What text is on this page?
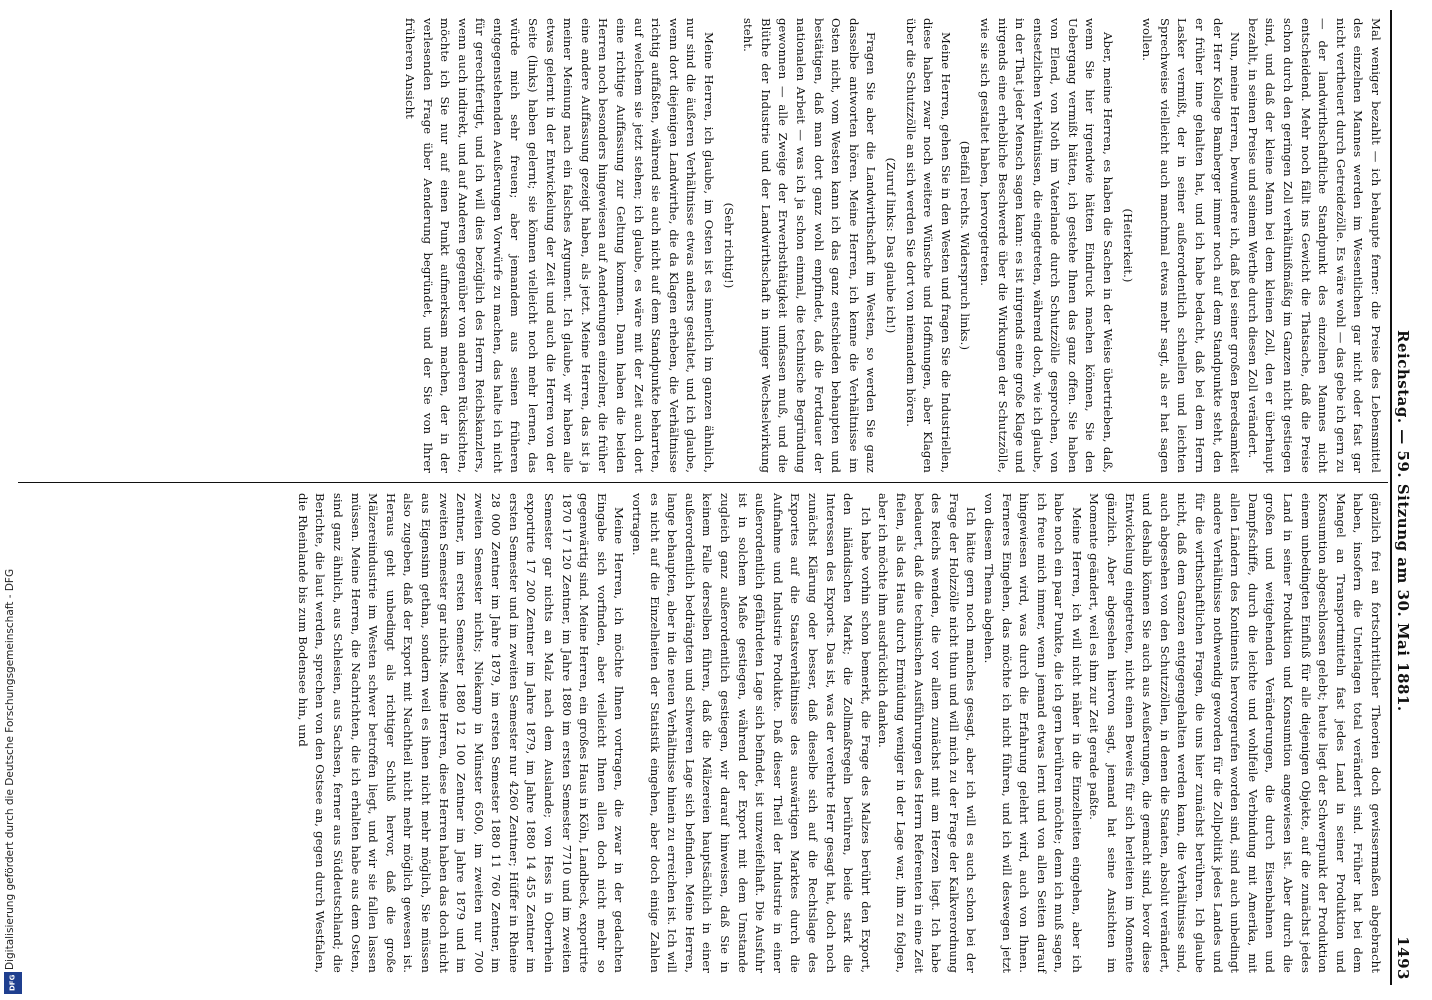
Reichstag. — 59. Sitzung am 30. Mai 1881.
1493

Mal weniger bezahlt — ich behaupte ferner: die Preise des Lebensmittel des einzelnen Mannes werden im Wesentlichen gar nicht oder fast gar nicht vertheuert durch Getreidezölle. Es wäre wohl — das gebe ich gern zu — der landwirthschaftliche Standpunkt des einzelnen Mannes nicht entscheidend. Mehr noch fällt ins Gewicht die Thatsache, daß die Preise schon durch den geringen Zoll verhältnißmäßig im Ganzen nicht gestiegen sind, und daß der kleine Mann bei dem kleinen Zoll, den er überhaupt bezahlt, in seinen Preise und seinem Werthe durch diesen Zoll verändert.

Nun, meine Herren, bewundere ich, daß bei seiner großen Beredsamkeit der Herr Kollege Bamberger immer noch auf dem Standpunkte steht, den er früher inne gehalten hat, und ich habe bedacht, daß bei dem Herrn Lasker vermißt, der in seiner außerordentlich schnellen und leichten Sprechweise vielleicht auch manchmal etwas mehr sagt, als er hat sagen wollen.

(Heiterkeit.)

Aber, meine Herren, es haben die Sachen in der Weise übertrieben, daß, wenn Sie hier irgendwie hätten Eindruck machen können, Sie den Uebergang vermißt hätten, ich gestehe Ihnen das ganz offen. Sie haben von Elend, von Noth im Vaterlande durch Schutzzölle gesprochen, von entsetzlichen Verhältnissen, die eingetreten, während doch, wie ich glaube, in der That jeder Mensch sagen kann: es ist nirgends eine große Klage und nirgends eine erhebliche Beschwerde über die Wirkungen der Schutzzölle, wie sie sich gestaltet haben, hervorgetreten.

(Beifall rechts. Widerspruch links.)

Meine Herren, gehen Sie in den Westen und fragen Sie die Industriellen, diese haben zwar noch weitere Wünsche und Hoffnungen, aber Klagen über die Schutzzölle an sich werden Sie dort von niemandem hören.

(Zuruf links: Das glaube ich!)

Fragen Sie aber die Landwirthschaft im Westen, so werden Sie ganz dasselbe antworten hören. Meine Herren, ich kenne die Verhältnisse im Osten nicht, vom Westen kann ich das ganz entschieden behaupten und bestätigen, daß man dort ganz wohl empfindet, daß die Fortdauer der nationalen Arbeit — was ich ja schon einmal, die technische Begründung gewonnen — alle Zweige der Erwerbsthätigkeit umfassen muß, und die Blüthe der Industrie und der Landwirthschaft in inniger Wechselwirkung steht.

(Sehr richtig!)

Meine Herren, ich glaube, im Osten ist es innerlich im ganzen ähnlich, nur sind die äußeren Verhältnisse etwas anders gestaltet, und ich glaube, wenn dort diejenigen Landwirthe, die da Klagen erheben, die Verhältnisse richtig auffaßten, während sie auch nicht auf dem Standpunkte beharrten, auf welchem sie jetzt stehen; ich glaube, es wäre mit der Zeit auch dort eine richtige Auffassung zur Geltung kommen. Dann haben die beiden Herren noch besonders hingewiesen auf Aenderungen einzelner, die früher eine andere Auffassung gezeigt haben, als jetzt. Meine Herren, das ist ja meiner Meinung nach ein falsches Argument. Ich glaube, wir haben alle etwas gelernt in der Entwickelung der Zeit und auch die Herren von der Seite (links) haben gelernt; sie können vielleicht noch mehr lernen, das würde mich sehr freuen; aber jemandem aus seinen früheren entgegenstehenden Aeußerungen Vorwürfe zu machen, das halte ich nicht für gerechtfertigt, und ich will dies bezüglich des Herrn Reichskanzlers, wenn auch indirekt, und auf Anderen gegenüber von anderen Rücksichten, möchte ich Sie nur auf einen Punkt aufmerksam machen, der in der verlesenden Frage über Aenderung begründet, und der Sie von Ihrer früheren Ansicht

gänzlich frei an fortschrittlicher Theorien doch gewissermaßen abgebracht haben, insofern die Unterlagen total verändert sind. Früher hat bei dem Mangel an Transportmitteln fast jedes Land in seiner Produktion und Konsumtion abgeschlossen gelebt; heute liegt der Schwerpunkt der Produktion einem unbedingten Einfluß für alle diejenigen Objekte, auf die zunächst jedes Land in seiner Produktion und Konsumtion angewiesen ist. Aber durch die großen und weitgehenden Veränderungen, die durch Eisenbahnen und Dampfschiffe, durch die leichte und wohlfeile Verbindung mit Amerika, mit allen Ländern des Kontinents hervorgerufen worden sind, sind auch unbedingt andere Verhältnisse nothwendig geworden für die Zollpolitik jedes Landes und für die wirthschaftlichen Fragen, die uns hier zunächst berühren. Ich glaube nicht, daß dem Ganzen entgegengehalten werden kann, die Verhältnisse sind, auch abgesehen von den Schutzzöllen, in denen die Staaten, absolut verändert, und deshalb können Sie auch aus Aeußerungen, die gemacht sind, bevor diese Entwickelung eingetreten, nicht einen Beweis für sich herleiten im Momente gänzlich. Aber abgesehen hiervon sagt, jemand hat seine Ansichten im Momente geändert, weil es ihm zur Zeit gerade paßte.

Meine Herren, ich will nicht näher in die Einzelheiten eingehen, aber ich habe noch ein paar Punkte, die ich gern berühren möchte; denn ich muß sagen, ich freue mich immer, wenn jemand etwas lernt und von allen Seiten darauf hingewiesen wird, was durch die Erfahrung gelehrt wird, auch von Ihnen. Ferneres Eingehen, das möchte ich nicht führen, und ich will deswegen jetzt von diesem Thema abgehen.

Ich hätte gern noch manches gesagt, aber ich will es auch schon bei der Frage der Holzzölle nicht thun und will mich zu der Frage der Kalkverordnung des Reichs wenden, die vor allem zunächst mit am Herzen liegt. Ich habe bedauert, daß die technischen Ausführungen des Herrn Referenten in eine Zeit fielen, als das Haus durch Ermüdung weniger in der Lage war, ihm zu folgen, aber ich möchte ihm ausdrücklich danken.

Ich habe vorhin schon bemerkt, die Frage des Malzes berührt den Export, den inländischen Markt; die Zollmaßregeln berühren, beide stark die Interessen des Exports. Das ist, was der verehrte Herr gesagt hat, doch noch zunächst Klärung oder besser, daß dieselbe sich auf die Rechtslage des Exportes auf die Staatsverhältnisse des auswärtigen Marktes durch die Aufnahme und Industrie Produkte. Daß dieser Theil der Industrie in einer außerordentlich gefährdeten Lage sich befindet, ist unzweifelhaft. Die Ausfuhr ist in solchem Maße gestiegen, während der Export mit dem Umstande zugleich ganz außerordentlich gestiegen, wir darauf hinweisen, daß Sie in keinem Falle derselben führen, daß die Mälzereien hauptsächlich in einer außerordentlich bedrängten und schweren Lage sich befinden. Meine Herren, lange behaupten, aber in die neuen Verhältnisse hinein zu erreichen ist. Ich will es nicht auf die Einzelheiten der Statistik eingehen, aber doch einige Zahlen vortragen.

Meine Herren, ich möchte Ihnen vortragen, die zwar in der gedachten Eingabe sich vorfinden, aber vielleicht Ihnen allen doch nicht mehr so gegenwärtig sind. Meine Herren, ein großes Haus in Köln, Landbeck, exportirte 1870 17 120 Zentner, im Jahre 1880 im ersten Semester 7710 und im zweiten Semester gar nichts an Malz nach dem Auslande; von Hess in Oberrhein exportirte 17 200 Zentner im Jahre 1879, im Jahre 1880 14 455 Zentner im ersten Semester und im zweiten Semester nur 4260 Zentner; Hüffer in Rheine 28 000 Zentner im Jahre 1879, im ersten Semester 1880 11 760 Zentner, im zweiten Semester nichts; Niekamp in Münster 6500, im zweiten nur 700 Zentner, im ersten Semester 1880 12 100 Zentner im Jahre 1879 und im zweiten Semester gar nichts. Meine Herren, diese Herren haben das doch nicht aus Eigensinn gethan, sondern weil es ihnen nicht mehr möglich, Sie müssen also zugeben, daß der Export mit Nachtheil nicht mehr möglich gewesen ist. Heraus geht unbedingt als richtiger Schluß hervor, daß die große Mälzereiindustrie im Westen schwer betroffen liegt, und wir sie fallen lassen müssen. Meine Herren, die Nachrichten, die ich erhalten habe aus dem Osten, sind ganz ähnlich, aus Schlesien, aus Sachsen, ferner aus Süddeutschland; die Berichte, die laut werden, sprechen von den Ostsee an, gegen durch Westfalen, die Rheinlande bis zum Bodensee hin, und

Digitalisierung gefördert durch die Deutsche Forschungsgemeinschaft - DFG
DFG
